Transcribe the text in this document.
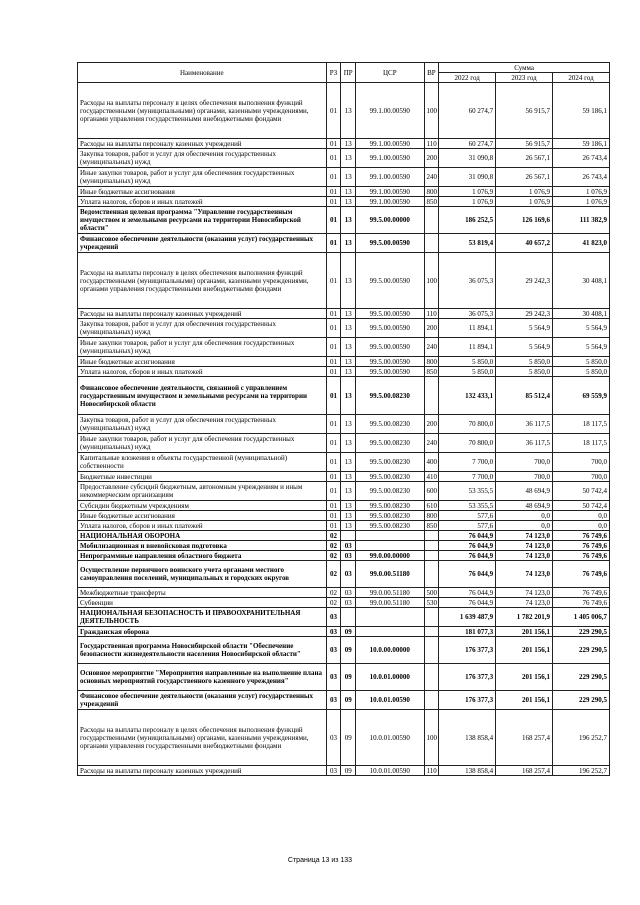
Наименование	РЗ	ПР	ЦСР	ВР	Сумма		
					2022 год	2023 год	2024 год
Расходы на выплаты персоналу в целях обеспечения выполнения функций государственными (муниципальными) органами, казенными учреждениями, органами управления государственными внебюджетными фондами	01	13	99.1.00.00590	100	60 274,7	56 915,7	59 186,1
Расходы на выплаты персоналу казенных учреждений	01	13	99.1.00.00590	110	60 274,7	56 915,7	59 186,1
Закупка товаров, работ и услуг для обеспечения государственных (муниципальных) нужд	01	13	99.1.00.00590	200	31 090,8	26 567,1	26 743,4
Иные закупки товаров, работ и услуг для обеспечения государственных (муниципальных) нужд	01	13	99.1.00.00590	240	31 090,8	26 567,1	26 743,4
Иные бюджетные ассигнования	01	13	99.1.00.00590	800	1 076,9	1 076,9	1 076,9
Уплата налогов, сборов и иных платежей	01	13	99.1.00.00590	850	1 076,9	1 076,9	1 076,9
Ведомственная целевая программа "Управление государственным имуществом и земельными ресурсами на территории Новосибирской области"	01	13	99.5.00.00000		186 252,5	126 169,6	111 382,9
Финансовое обеспечение деятельности (оказания услуг) государственных учреждений	01	13	99.5.00.00590		53 819,4	40 657,2	41 823,0
Расходы на выплаты персоналу в целях обеспечения выполнения функций государственными (муниципальными) органами, казенными учреждениями, органами управления государственными внебюджетными фондами	01	13	99.5.00.00590	100	36 075,3	29 242,3	30 408,1
Расходы на выплаты персоналу казенных учреждений	01	13	99.5.00.00590	110	36 075,3	29 242,3	30 408,1
Закупка товаров, работ и услуг для обеспечения государственных (муниципальных) нужд	01	13	99.5.00.00590	200	11 894,1	5 564,9	5 564,9
Иные закупки товаров, работ и услуг для обеспечения государственных (муниципальных) нужд	01	13	99.5.00.00590	240	11 894,1	5 564,9	5 564,9
Иные бюджетные ассигнования	01	13	99.5.00.00590	800	5 850,0	5 850,0	5 850,0
Уплата налогов, сборов и иных платежей	01	13	99.5.00.00590	850	5 850,0	5 850,0	5 850,0
Финансовое обеспечение деятельности, связанной с управлением государственным имуществом и земельными ресурсами на территории Новосибирской области	01	13	99.5.00.08230		132 433,1	85 512,4	69 559,9
Закупка товаров, работ и услуг для обеспечения государственных (муниципальных) нужд	01	13	99.5.00.08230	200	70 800,0	36 117,5	18 117,5
Иные закупки товаров, работ и услуг для обеспечения государственных (муниципальных) нужд	01	13	99.5.00.08230	240	70 800,0	36 117,5	18 117,5
Капитальные вложения в объекты государственной (муниципальной) собственности	01	13	99.5.00.08230	400	7 700,0	700,0	700,0
Бюджетные инвестиции	01	13	99.5.00.08230	410	7 700,0	700,0	700,0
Предоставление субсидий бюджетным, автономным учреждениям и иным некоммерческим организациям	01	13	99.5.00.08230	600	53 355,5	48 694,9	50 742,4
Субсидии бюджетным учреждениям	01	13	99.5.00.08230	610	53 355,5	48 694,9	50 742,4
Иные бюджетные ассигнования	01	13	99.5.00.08230	800	577,6	0,0	0,0
Уплата налогов, сборов и иных платежей	01	13	99.5.00.08230	850	577,6	0,0	0,0
НАЦИОНАЛЬНАЯ ОБОРОНА	02				76 044,9	74 123,0	76 749,6
Мобилизационная и вневойсковая подготовка	02	03			76 044,9	74 123,0	76 749,6
Непрограммные направления областного бюджета	02	03	99.0.00.00000		76 044,9	74 123,0	76 749,6
Осуществление первичного воинского учета органами местного самоуправления поселений, муниципальных и городских округов	02	03	99.0.00.51180		76 044,9	74 123,0	76 749,6
Межбюджетные трансферты	02	03	99.0.00.51180	500	76 044,9	74 123,0	76 749,6
Субвенции	02	03	99.0.00.51180	530	76 044,9	74 123,0	76 749,6
НАЦИОНАЛЬНАЯ БЕЗОПАСНОСТЬ И ПРАВООХРАНИТЕЛЬНАЯ ДЕЯТЕЛЬНОСТЬ	03				1 639 487,9	1 782 201,9	1 405 006,7
Гражданская оборона	03	09			181 077,3	201 156,1	229 290,5
Государственная программа Новосибирской области "Обеспечение безопасности жизнедеятельности населения Новосибирской области"	03	09	10.0.00.00000		176 377,3	201 156,1	229 290,5
Основное мероприятие "Мероприятия направленные на выполнение плана основных мероприятий государственного казенного учреждения"	03	09	10.0.01.00000		176 377,3	201 156,1	229 290,5
Финансовое обеспечение деятельности (оказания услуг) государственных учреждений	03	09	10.0.01.00590		176 377,3	201 156,1	229 290,5
Расходы на выплаты персоналу в целях обеспечения выполнения функций государственными (муниципальными) органами, казенными учреждениями, органами управления государственными внебюджетными фондами	03	09	10.0.01.00590	100	138 858,4	168 257,4	196 252,7
Расходы на выплаты персоналу казенных учреждений	03	09	10.0.01.00590	110	138 858,4	168 257,4	196 252,7
Страница 13 из 133
